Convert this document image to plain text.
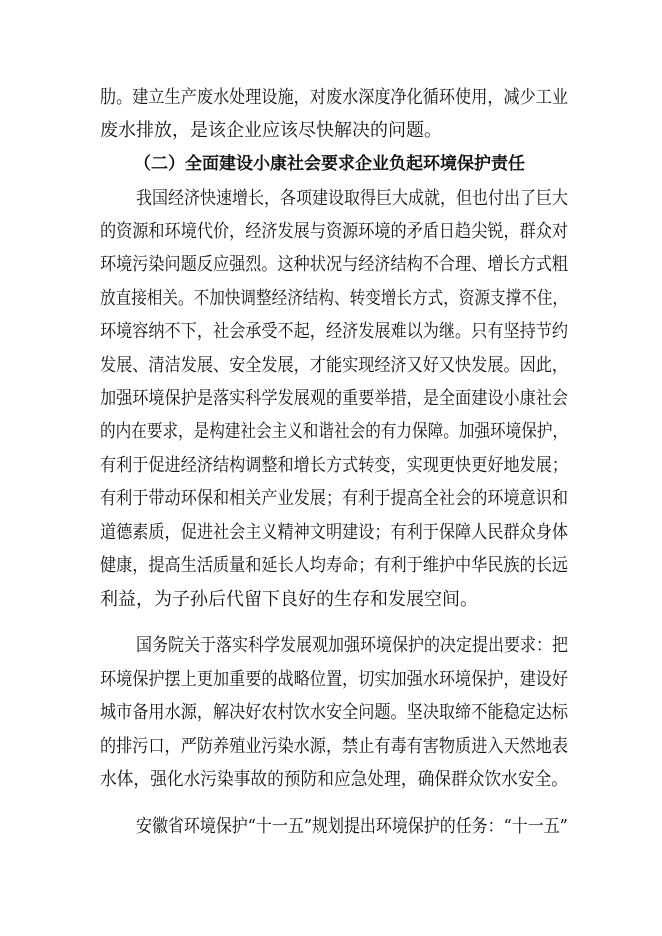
肋。建立生产废水处理设施，对废水深度净化循环使用，减少工业
废水排放，是该企业应该尽快解决的问题。
（二）全面建设小康社会要求企业负起环境保护责任
我国经济快速增长，各项建设取得巨大成就，但也付出了巨大
的资源和环境代价，经济发展与资源环境的矛盾日趋尖锐，群众对
环境污染问题反应强烈。这种状况与经济结构不合理、增长方式粗
放直接相关。不加快调整经济结构、转变增长方式，资源支撑不住，
环境容纳不下，社会承受不起，经济发展难以为继。只有坚持节约
发展、清洁发展、安全发展，才能实现经济又好又快发展。因此，
加强环境保护是落实科学发展观的重要举措，是全面建设小康社会
的内在要求，是构建社会主义和谐社会的有力保障。加强环境保护，
有利于促进经济结构调整和增长方式转变，实现更快更好地发展；
有利于带动环保和相关产业发展；有利于提高全社会的环境意识和
道德素质，促进社会主义精神文明建设；有利于保障人民群众身体
健康，提高生活质量和延长人均寿命；有利于维护中华民族的长远
利益，为子孙后代留下良好的生存和发展空间。
国务院关于落实科学发展观加强环境保护的决定提出要求：把
环境保护摆上更加重要的战略位置，切实加强水环境保护，建设好
城市备用水源，解决好农村饮水安全问题。坚决取缔不能稳定达标
的排污口，严防养殖业污染水源，禁止有毒有害物质进入天然地表
水体，强化水污染事故的预防和应急处理，确保群众饮水安全。
安徽省环境保护“十一五”规划提出环境保护的任务：“十一五”
